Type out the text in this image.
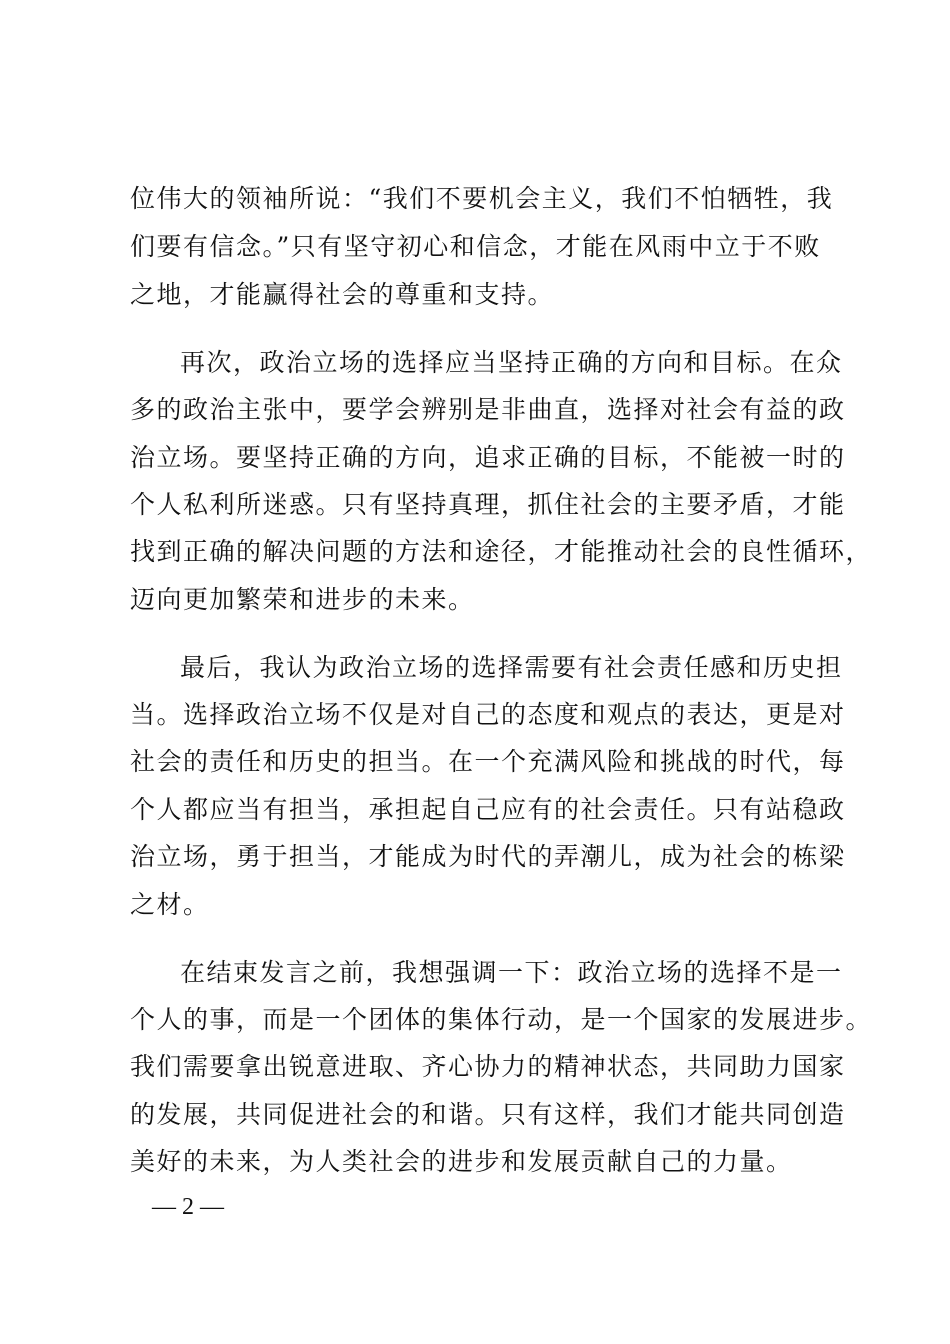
位伟大的领袖所说：“我们不要机会主义，我们不怕牺牲，我
们要有信念。”只有坚守初心和信念，才能在风雨中立于不败
之地，才能赢得社会的尊重和支持。
再次，政治立场的选择应当坚持正确的方向和目标。在众
多的政治主张中，要学会辨别是非曲直，选择对社会有益的政
治立场。要坚持正确的方向，追求正确的目标，不能被一时的
个人私利所迷惑。只有坚持真理，抓住社会的主要矛盾，才能
找到正确的解决问题的方法和途径，才能推动社会的良性循环，
迈向更加繁荣和进步的未来。
最后，我认为政治立场的选择需要有社会责任感和历史担
当。选择政治立场不仅是对自己的态度和观点的表达，更是对
社会的责任和历史的担当。在一个充满风险和挑战的时代，每
个人都应当有担当，承担起自己应有的社会责任。只有站稳政
治立场，勇于担当，才能成为时代的弄潮儿，成为社会的栋梁
之材。
在结束发言之前，我想强调一下：政治立场的选择不是一
个人的事，而是一个团体的集体行动，是一个国家的发展进步。
我们需要拿出锐意进取、齐心协力的精神状态，共同助力国家
的发展，共同促进社会的和谐。只有这样，我们才能共同创造
美好的未来，为人类社会的进步和发展贡献自己的力量。
— 2 —
